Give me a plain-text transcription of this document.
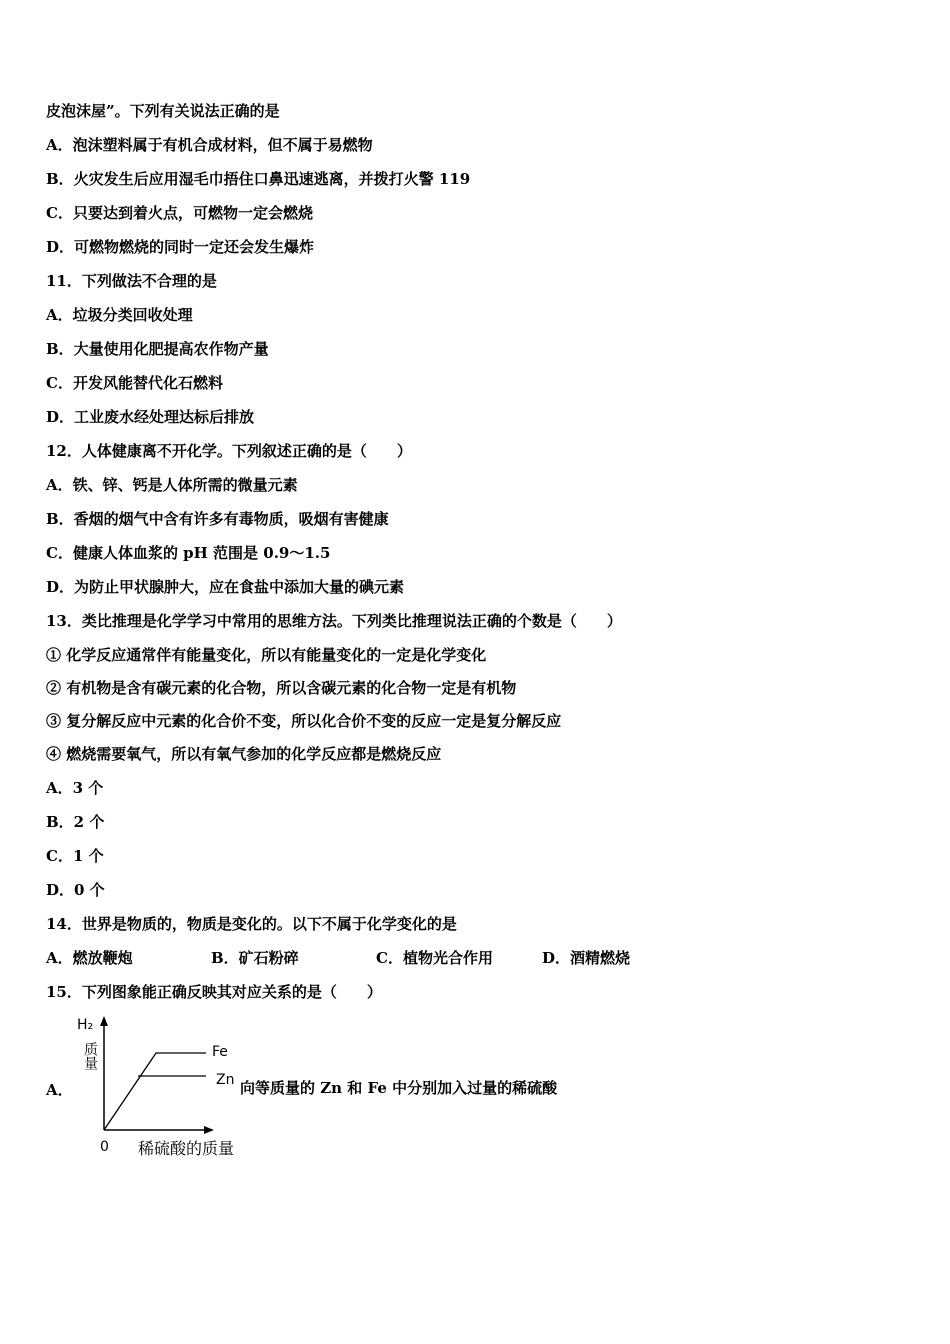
皮泡沫屋”。下列有关说法正确的是
A．泡沫塑料属于有机合成材料，但不属于易燃物
B．火灾发生后应用湿毛巾捂住口鼻迅速逃离，并拨打火警 119
C．只要达到着火点，可燃物一定会燃烧
D．可燃物燃烧的同时一定还会发生爆炸
11．下列做法不合理的是
A．垃圾分类回收处理
B．大量使用化肥提高农作物产量
C．开发风能替代化石燃料
D．工业废水经处理达标后排放
12．人体健康离不开化学。下列叙述正确的是（　　）
A．铁、锌、钙是人体所需的微量元素
B．香烟的烟气中含有许多有毒物质，吸烟有害健康
C．健康人体血浆的 pH 范围是 0.9～1.5
D．为防止甲状腺肿大，应在食盐中添加大量的碘元素
13．类比推理是化学学习中常用的思维方法。下列类比推理说法正确的个数是（　　）
① 化学反应通常伴有能量变化，所以有能量变化的一定是化学变化
② 有机物是含有碳元素的化合物，所以含碳元素的化合物一定是有机物
③ 复分解反应中元素的化合价不变，所以化合价不变的反应一定是复分解反应
④ 燃烧需要氧气，所以有氧气参加的化学反应都是燃烧反应
A．3 个
B．2 个
C．1 个
D．0 个
14．世界是物质的，物质是变化的。以下不属于化学变化的是
A．燃放鞭炮	B．矿石粉碎	C．植物光合作用	D．酒精燃烧
15．下列图象能正确反映其对应关系的是（　　）
A．
H₂
Fe
Zn
0 稀硫酸的质量
质量
向等质量的 Zn 和 Fe 中分别加入过量的稀硫酸
